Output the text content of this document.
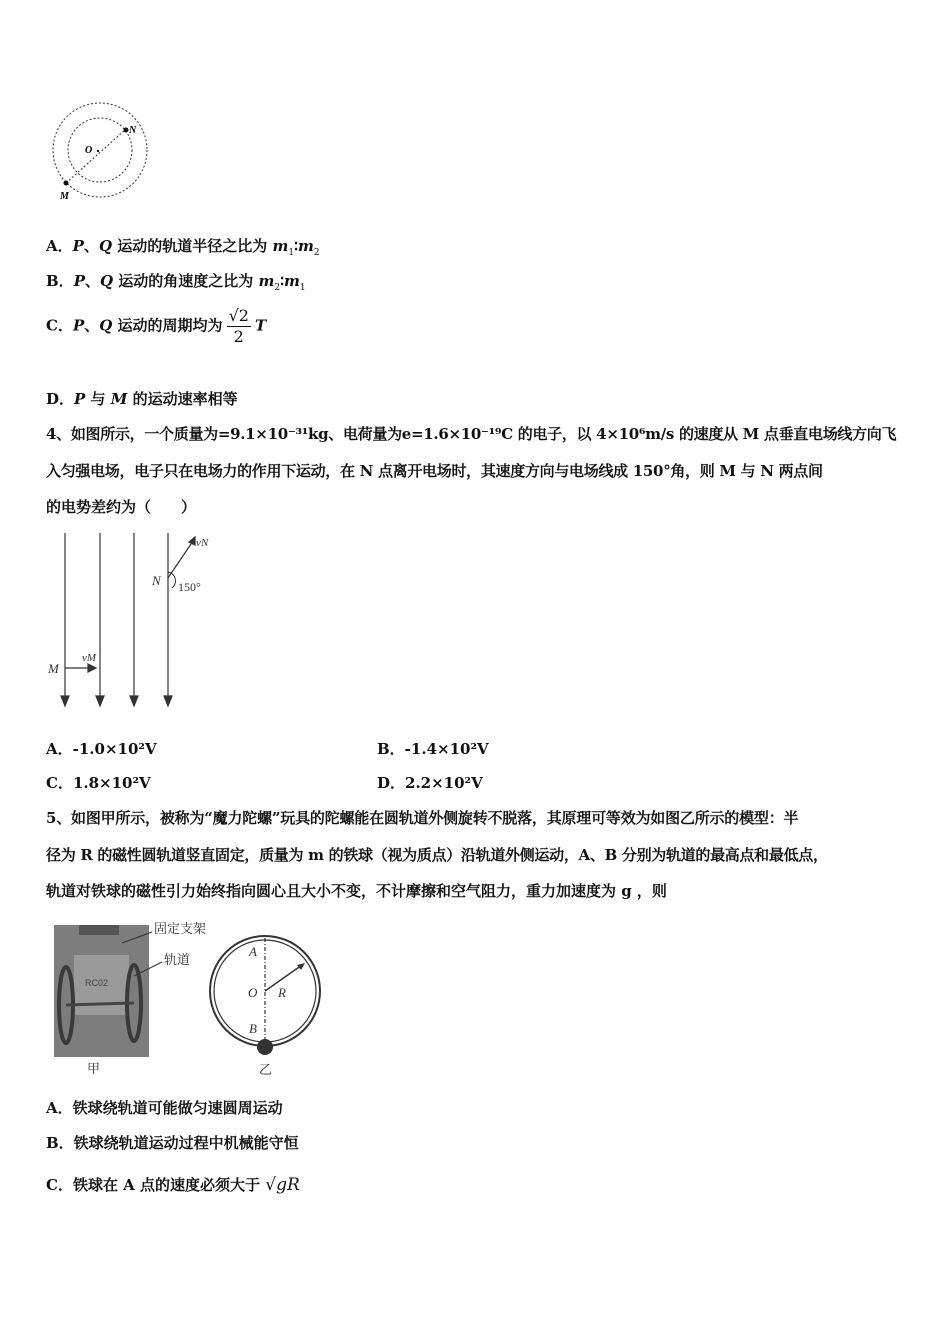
N
O
M
A．P、Q 运动的轨道半径之比为 $m_1∶m_2$
B．P、Q 运动的角速度之比为 $m_2∶m_1$
C．P、Q 运动的周期均为 $\frac{√2}{2}$ T
D．P 与 M 的运动速率相等
4、如图所示，一个质量为=9.1×10⁻³¹kg、电荷量为e=1.6×10⁻¹⁹C 的电子，以 4×10⁶m/s 的速度从 M 点垂直电场线方向飞
入匀强电场，电子只在电场力的作用下运动，在 N 点离开电场时，其速度方向与电场线成 150°角，则 M 与 N 两点间
的电势差约为（　　）
vN
N 150°
M
vM
A．-1.0×10²V	B．-1.4×10²V
C．1.8×10²V	D．2.2×10²V
5、如图甲所示，被称为“魔力陀螺”玩具的陀螺能在圆轨道外侧旋转不脱落，其原理可等效为如图乙所示的模型：半
径为 R 的磁性圆轨道竖直固定，质量为 m 的铁球（视为质点）沿轨道外侧运动，A、B 分别为轨道的最高点和最低点，
轨道对铁球的磁性引力始终指向圆心且大小不变，不计摩擦和空气阻力，重力加速度为 g ，则
RC02
固定支架
轨道
甲
A
O R
B
乙
A．铁球绕轨道可能做匀速圆周运动
B．铁球绕轨道运动过程中机械能守恒
C．铁球在 A 点的速度必须大于 √gR
